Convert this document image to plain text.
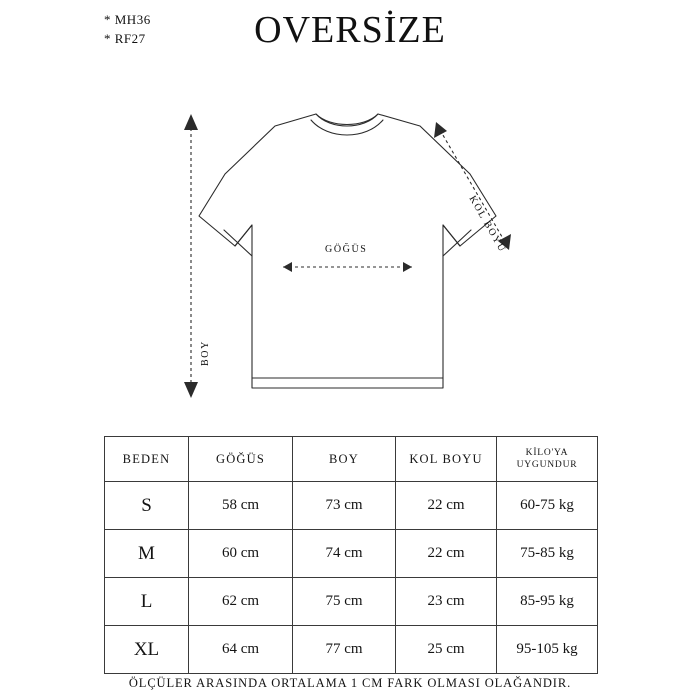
* MH36
* RF27	OVERSİZE
GÖĞÜS
BOY
KOL BOYU
BEDEN	GÖĞÜS	BOY	KOL BOYU	KİLO'YA
UYGUNDUR
S	58 cm	73 cm	22 cm	60-75 kg
M	60 cm	74 cm	22 cm	75-85 kg
L	62 cm	75 cm	23 cm	85-95 kg
XL	64 cm	77 cm	25 cm	95-105 kg
ÖLÇÜLER ARASINDA ORTALAMA 1 CM FARK OLMASI OLAĞANDIR.
